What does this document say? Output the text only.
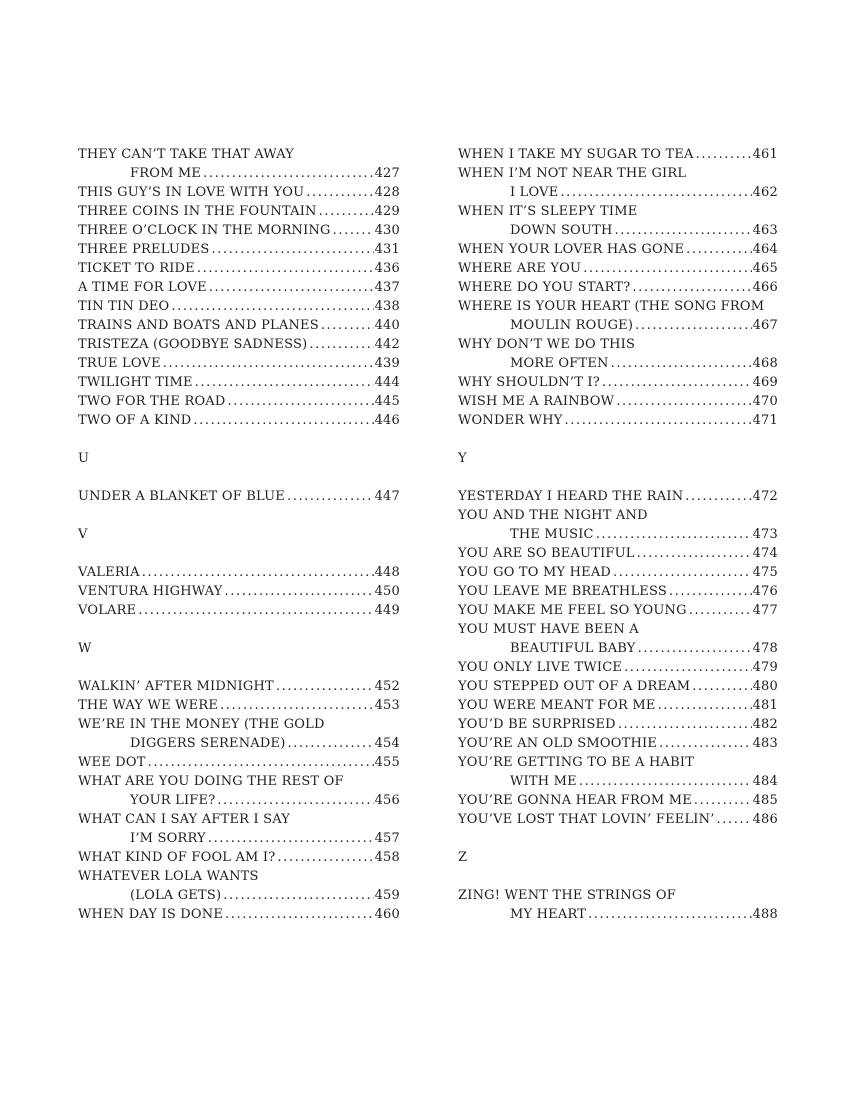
THEY CAN’T TAKE THAT AWAY
FROM ME .....	427
THIS GUY’S IN LOVE WITH YOU .....	428
THREE COINS IN THE FOUNTAIN .....	429
THREE O’CLOCK IN THE MORNING .....	430
THREE PRELUDES .....	431
TICKET TO RIDE .....	436
A TIME FOR LOVE .....	437
TIN TIN DEO .....	438
TRAINS AND BOATS AND PLANES .....	440
TRISTEZA (GOODBYE SADNESS) .....	442
TRUE LOVE .....	439
TWILIGHT TIME .....	444
TWO FOR THE ROAD .....	445
TWO OF A KIND .....	446
U
UNDER A BLANKET OF BLUE .....	447
V
VALERIA .....	448
VENTURA HIGHWAY .....	450
VOLARE .....	449
W
WALKIN’ AFTER MIDNIGHT .....	452
THE WAY WE WERE .....	453
WE’RE IN THE MONEY (THE GOLD
DIGGERS SERENADE) .....	454
WEE DOT .....	455
WHAT ARE YOU DOING THE REST OF
YOUR LIFE? .....	456
WHAT CAN I SAY AFTER I SAY
I’M SORRY .....	457
WHAT KIND OF FOOL AM I? .....	458
WHATEVER LOLA WANTS
(LOLA GETS) .....	459
WHEN DAY IS DONE .....	460
WHEN I TAKE MY SUGAR TO TEA .....	461
WHEN I’M NOT NEAR THE GIRL
I LOVE .....	462
WHEN IT’S SLEEPY TIME
DOWN SOUTH .....	463
WHEN YOUR LOVER HAS GONE .....	464
WHERE ARE YOU .....	465
WHERE DO YOU START? .....	466
WHERE IS YOUR HEART (THE SONG FROM
MOULIN ROUGE) .....	467
WHY DON’T WE DO THIS
MORE OFTEN .....	468
WHY SHOULDN’T I? .....	469
WISH ME A RAINBOW .....	470
WONDER WHY .....	471
Y
YESTERDAY I HEARD THE RAIN .....	472
YOU AND THE NIGHT AND
THE MUSIC .....	473
YOU ARE SO BEAUTIFUL .....	474
YOU GO TO MY HEAD .....	475
YOU LEAVE ME BREATHLESS .....	476
YOU MAKE ME FEEL SO YOUNG .....	477
YOU MUST HAVE BEEN A
BEAUTIFUL BABY .....	478
YOU ONLY LIVE TWICE .....	479
YOU STEPPED OUT OF A DREAM .....	480
YOU WERE MEANT FOR ME .....	481
YOU’D BE SURPRISED .....	482
YOU’RE AN OLD SMOOTHIE .....	483
YOU’RE GETTING TO BE A HABIT
WITH ME .....	484
YOU’RE GONNA HEAR FROM ME .....	485
YOU’VE LOST THAT LOVIN’ FEELIN’ .....	486
Z
ZING! WENT THE STRINGS OF
MY HEART .....	488
